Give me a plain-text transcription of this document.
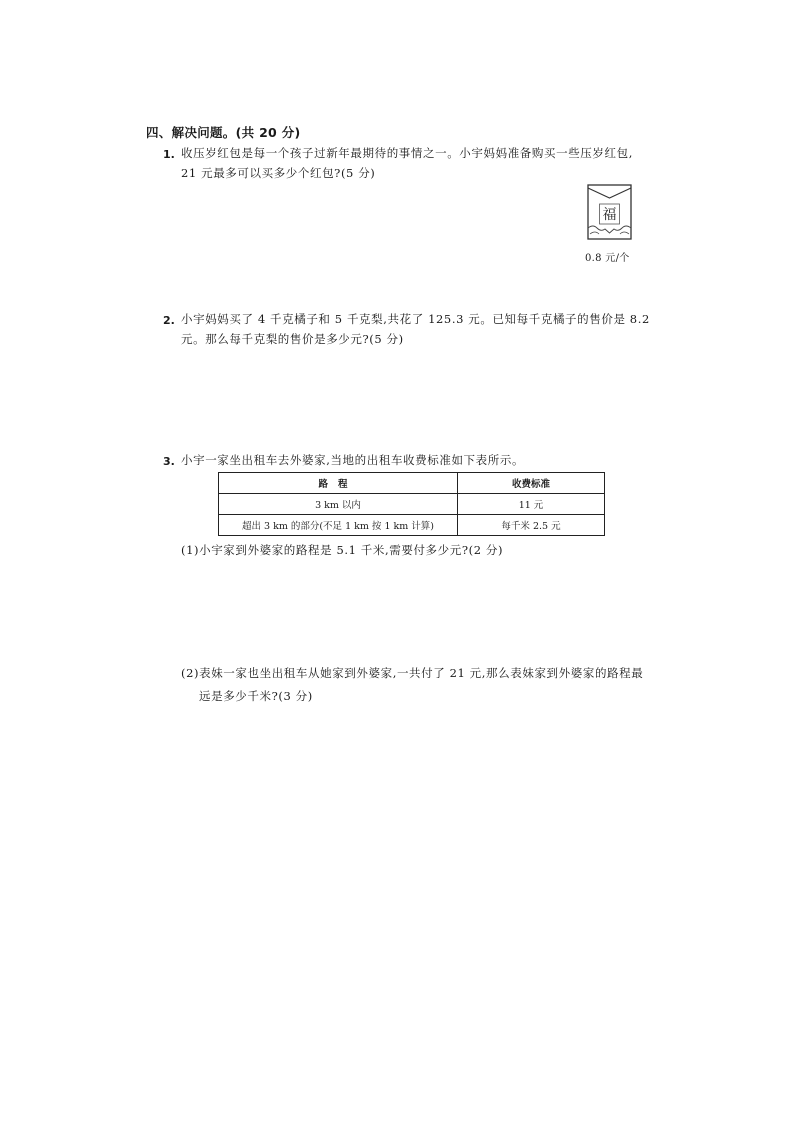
四、解决问题。(共 20 分)
1. 收压岁红包是每一个孩子过新年最期待的事情之一。小宇妈妈准备购买一些压岁红包,
21 元最多可以买多少个红包?(5 分)
福
0.8 元/个
2. 小宇妈妈买了 4 千克橘子和 5 千克梨,共花了 125.3 元。已知每千克橘子的售价是 8.2
元。那么每千克梨的售价是多少元?(5 分)
3. 小宇一家坐出租车去外婆家,当地的出租车收费标准如下表所示。
路程	收费标准
3 km 以内	11 元
超出 3 km 的部分(不足 1 km 按 1 km 计算)	每千米 2.5 元
(1)小宇家到外婆家的路程是 5.1 千米,需要付多少元?(2 分)
(2)表妹一家也坐出租车从她家到外婆家,一共付了 21 元,那么表妹家到外婆家的路程最
远是多少千米?(3 分)
